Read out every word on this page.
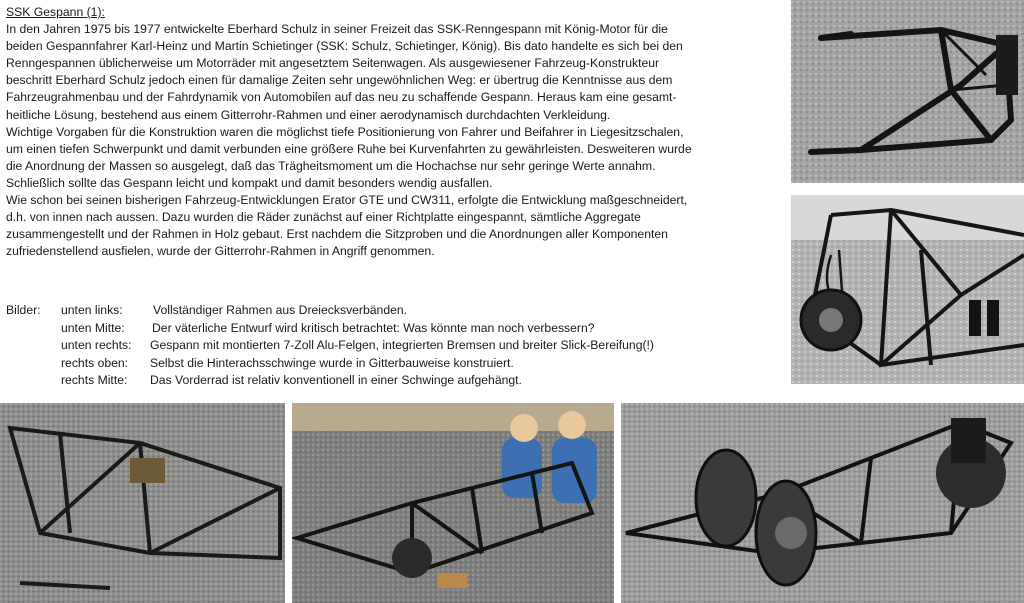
SSK Gespann (1):
In den Jahren 1975 bis 1977 entwickelte Eberhard Schulz in seiner Freizeit das SSK-Renngespann mit König-Motor für die
beiden Gespannfahrer Karl-Heinz und Martin Schietinger (SSK: Schulz, Schietinger, König). Bis dato handelte es sich bei den
Renngespannen üblicherweise um Motorräder mit angesetztem Seitenwagen. Als ausgewiesener Fahrzeug-Konstrukteur
beschritt Eberhard Schulz jedoch einen für damalige Zeiten sehr ungewöhnlichen Weg: er übertrug die Kenntnisse aus dem
Fahrzeugrahmenbau und der Fahrdynamik von Automobilen auf das neu zu schaffende Gespann. Heraus kam eine gesamt-
heitliche Lösung, bestehend aus einem Gitterrohr-Rahmen und einer aerodynamisch durchdachten Verkleidung.
Wichtige Vorgaben für die Konstruktion waren die möglichst tiefe Positionierung von Fahrer und Beifahrer in Liegesitzschalen,
um einen tiefen Schwerpunkt und damit verbunden eine größere Ruhe bei Kurvenfahrten zu gewährleisten. Desweiteren wurde
die Anordnung der Massen so ausgelegt, daß das Trägheitsmoment um die Hochachse nur sehr geringe Werte annahm.
Schließlich sollte das Gespann leicht und kompakt und damit besonders wendig ausfallen.
Wie schon bei seinen bisherigen Fahrzeug-Entwicklungen Erator GTE und CW311, erfolgte die Entwicklung maßgeschneidert,
d.h. von innen nach aussen. Dazu wurden die Räder zunächst auf einer Richtplatte eingespannt, sämtliche Aggregate
zusammengestellt und der Rahmen in Holz gebaut. Erst nachdem die Sitzproben und die Anordnungen aller Komponenten
zufriedenstellend ausfielen, wurde der Gitterrohr-Rahmen in Angriff genommen.
Bilder: unten links: Vollständiger Rahmen aus Dreiecksverbänden.
unten Mitte: Der väterliche Entwurf wird kritisch betrachtet: Was könnte man noch verbessern?
unten rechts: Gespann mit montierten 7-Zoll Alu-Felgen, integrierten Bremsen und breiter Slick-Bereifung(!)
rechts oben: Selbst die Hinterachsschwinge wurde in Gitterbauweise konstruiert.
rechts Mitte: Das Vorderrad ist relativ konventionell in einer Schwinge aufgehängt.
